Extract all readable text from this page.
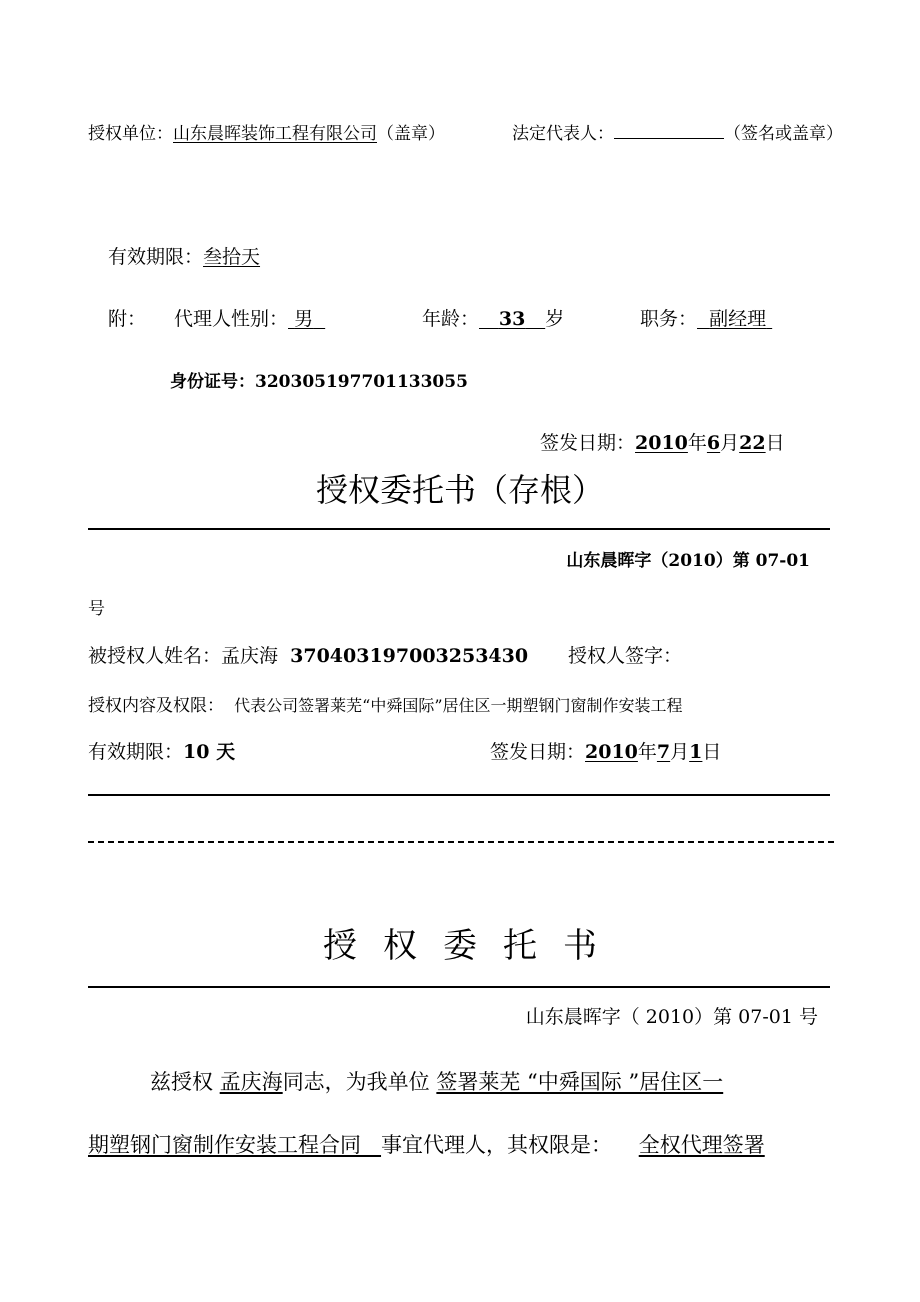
授权单位：山东晨晖装饰工程有限公司（盖章）	法定代表人：	（签名或盖章）
有效期限：叁拾天
附： 代理人性别： 男	年龄： 33 岁	职务： 副经理
身份证号：320305197701133055
签发日期：2010年6月22日
授权委托书（存根）
山东晨晖字（2010）第 07-01
号
被授权人姓名：孟庆海 370403197003253430 授权人签字：
授权内容及权限： 代表公司签署莱芜“中舜国际”居住区一期塑钢门窗制作安装工程
有效期限：10 天	签发日期：2010年7月1日
授权委托书
山东晨晖字（ 2010）第 07-01 号
兹授权 孟庆海同志，为我单位 签署莱芜 “中舜国际 ”居住区一
期塑钢门窗制作安装工程合同 事宜代理人，其权限是： 全权代理签署
